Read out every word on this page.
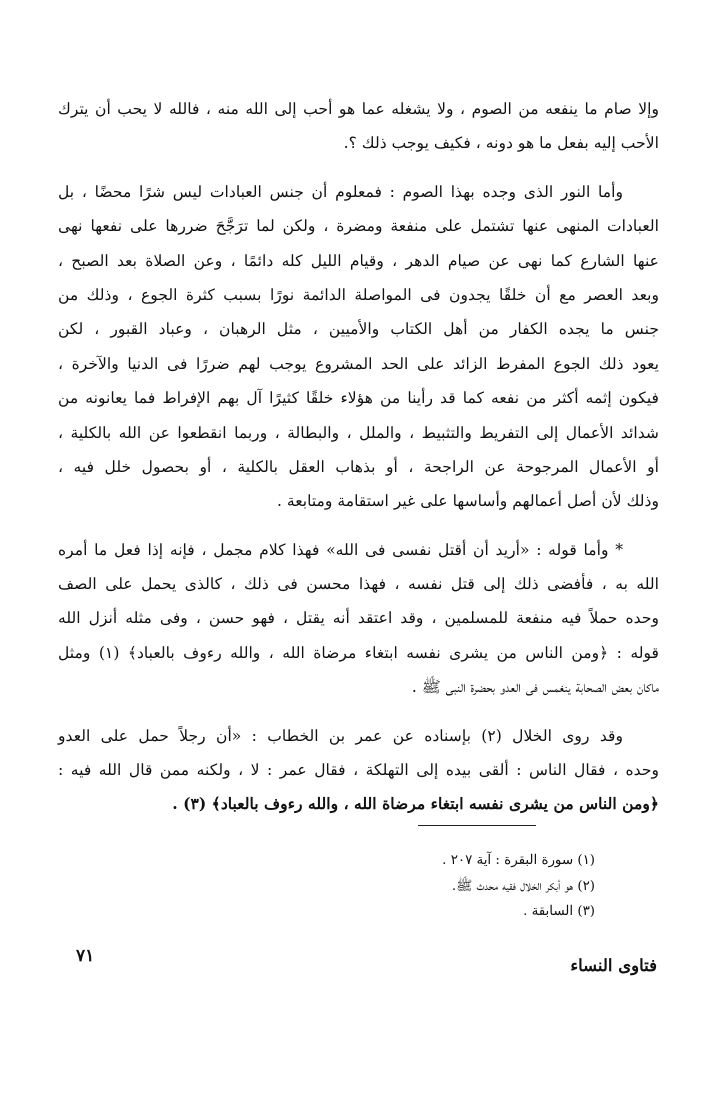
وإلا صام ما ينفعه من الصوم ، ولا يشغله عما هو أحب إلى الله منه ، فالله لا يحب أن يترك
الأحب إليه بفعل ما هو دونه ، فكيف يوجب ذلك ؟.
وأما النور الذى وجده بهذا الصوم : فمعلوم أن جنس العبادات ليس شرًا محضًا ، بل
العبادات المنهى عنها تشتمل على منفعة ومضرة ، ولكن لما ترَجَّحَ ضررها على نفعها نهى
عنها الشارع كما نهى عن صيام الدهر ، وقيام الليل كله دائمًا ، وعن الصلاة بعد الصبح ،
وبعد العصر مع أن خلقًا يجدون فى المواصلة الدائمة نورًا بسبب كثرة الجوع ، وذلك من
جنس ما يجده الكفار من أهل الكتاب والأميين ، مثل الرهبان ، وعباد القبور ، لكن
يعود ذلك الجوع المفرط الزائد على الحد المشروع يوجب لهم ضررًا فى الدنيا والآخرة ،
فيكون إثمه أكثر من نفعه كما قد رأينا من هؤلاء خلقًا كثيرًا آل بهم الإفراط فما يعانونه من
شدائد الأعمال إلى التفريط والتثبيط ، والملل ، والبطالة ، وربما انقطعوا عن الله بالكلية ،
أو الأعمال المرجوحة عن الراجحة ، أو بذهاب العقل بالكلية ، أو بحصول خلل فيه ،
وذلك لأن أصل أعمالهم وأساسها على غير استقامة ومتابعة .
* وأما قوله : «أريد أن أقتل نفسى فى الله» فهذا كلام مجمل ، فإنه إذا فعل ما أمره
الله به ، فأفضى ذلك إلى قتل نفسه ، فهذا محسن فى ذلك ، كالذى يحمل على الصف
وحده حملاً فيه منفعة للمسلمين ، وقد اعتقد أنه يقتل ، فهو حسن ، وفى مثله أنزل الله
قوله : ﴿ومن الناس من يشرى نفسه ابتغاء مرضاة الله ، والله رءوف بالعباد﴾ (١) ومثل
ماكان بعض الصحابة ينغمس فى العدو بحضرة النبى ﷺ .
وقد روى الخلال (٢) بإسناده عن عمر بن الخطاب : «أن رجلاً حمل على العدو
وحده ، فقال الناس : ألقى بيده إلى التهلكة ، فقال عمر : لا ، ولكنه ممن قال الله فيه :
﴿ومن الناس من يشرى نفسه ابتغاء مرضاة الله ، والله رءوف بالعباد﴾ (٣) .
(١) سورة البقرة : آية ٢٠٧ .
(٢) هو أبكر الخلال فقيه محدث ﷺ.
(٣) السابقة .
٧١	فتاوى النساء
